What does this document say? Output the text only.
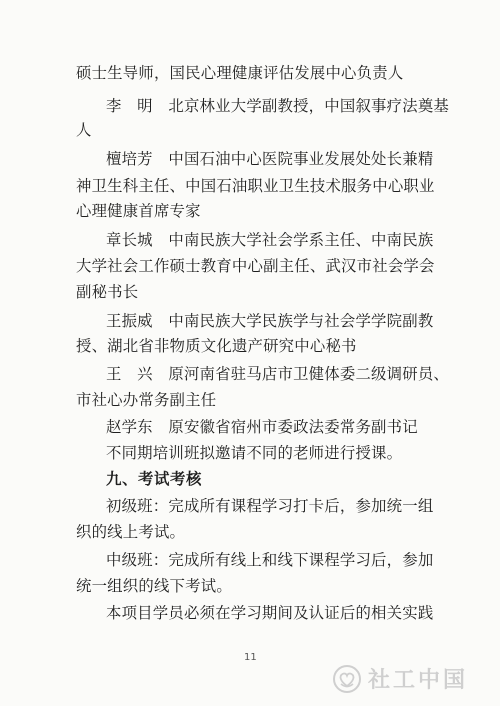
硕士生导师，国民心理健康评估发展中心负责人
李　明　北京林业大学副教授，中国叙事疗法奠基
人
檀培芳　中国石油中心医院事业发展处处长兼精
神卫生科主任、中国石油职业卫生技术服务中心职业
心理健康首席专家
章长城　中南民族大学社会学系主任、中南民族
大学社会工作硕士教育中心副主任、武汉市社会学会
副秘书长
王振威　中南民族大学民族学与社会学学院副教
授、湖北省非物质文化遗产研究中心秘书
王　兴　原河南省驻马店市卫健体委二级调研员、
市社心办常务副主任
赵学东　原安徽省宿州市委政法委常务副书记
不同期培训班拟邀请不同的老师进行授课。
九、考试考核
初级班：完成所有课程学习打卡后，参加统一组
织的线上考试。
中级班：完成所有线上和线下课程学习后，参加
统一组织的线下考试。
本项目学员必须在学习期间及认证后的相关实践
11
社工中国
